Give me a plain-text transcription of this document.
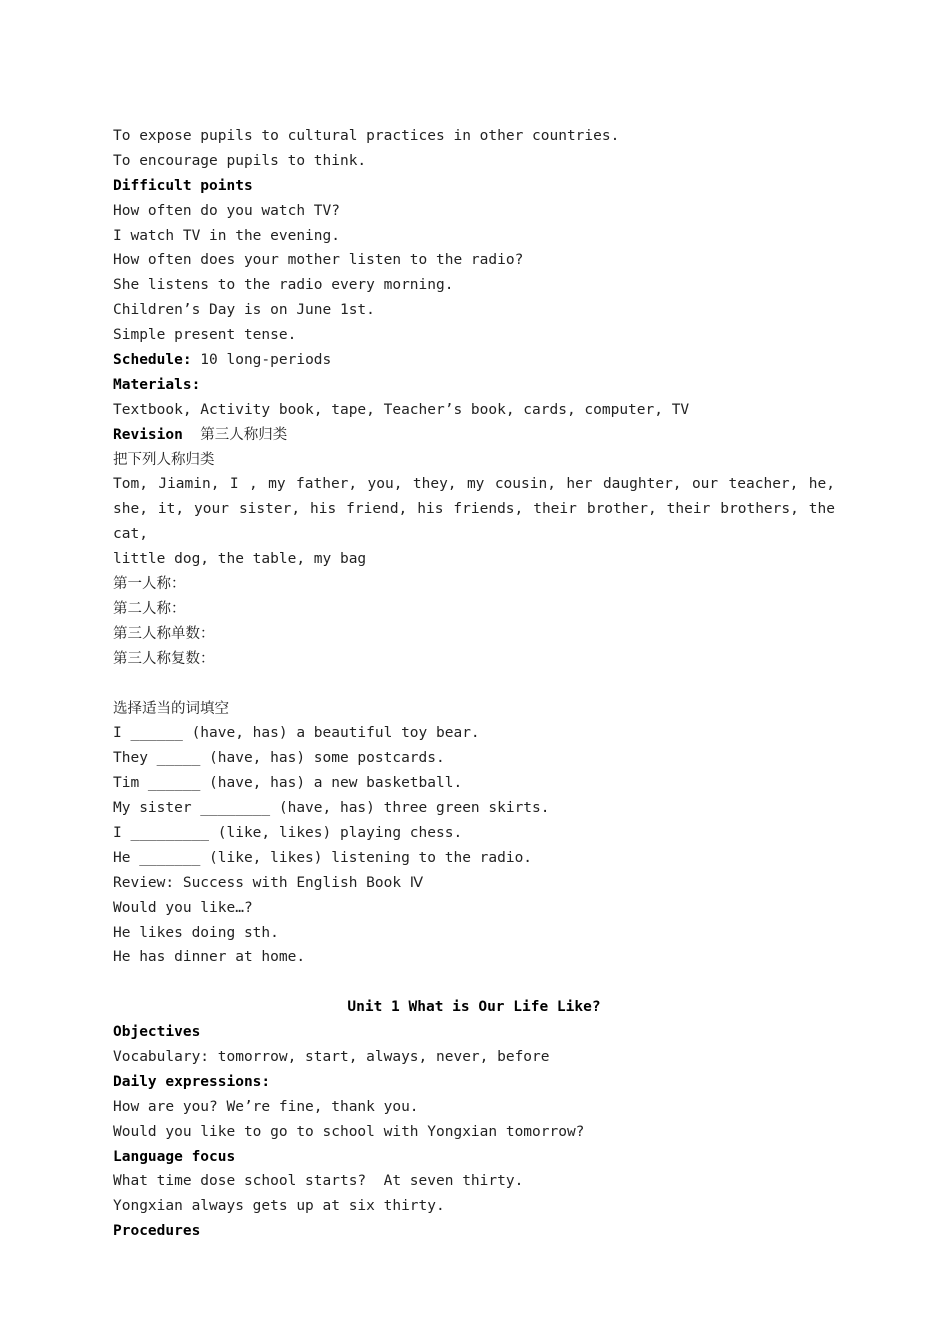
To expose pupils to cultural practices in other countries.
To encourage pupils to think.
Difficult points
How often do you watch TV?
I watch TV in the evening.
How often does your mother listen to the radio?
She listens to the radio every morning.
Children’s Day is on June 1st.
Simple present tense.
Schedule: 10 long-periods
Materials:
Textbook, Activity book, tape, Teacher’s book, cards, computer, TV
Revision  第三人称归类
把下列人称归类
Tom, Jiamin, I , my father, you, they, my cousin, her daughter, our teacher, he, she, it, your sister, his friend, his friends, their brother, their brothers, the cat,
little dog, the table, my bag
第一人称：
第二人称：
第三人称单数：
第三人称复数：
选择适当的词填空
I ______ (have, has) a beautiful toy bear.
They _____ (have, has) some postcards.
Tim ______ (have, has) a new basketball.
My sister ________ (have, has) three green skirts.
I _________ (like, likes) playing chess.
He _______ (like, likes) listening to the radio.
Review: Success with English Book Ⅳ
Would you like…?
He likes doing sth.
He has dinner at home.
Unit 1 What is Our Life Like?
Objectives
Vocabulary: tomorrow, start, always, never, before
Daily expressions:
How are you? We’re fine, thank you.
Would you like to go to school with Yongxian tomorrow?
Language focus
What time dose school starts?  At seven thirty.
Yongxian always gets up at six thirty.
Procedures
